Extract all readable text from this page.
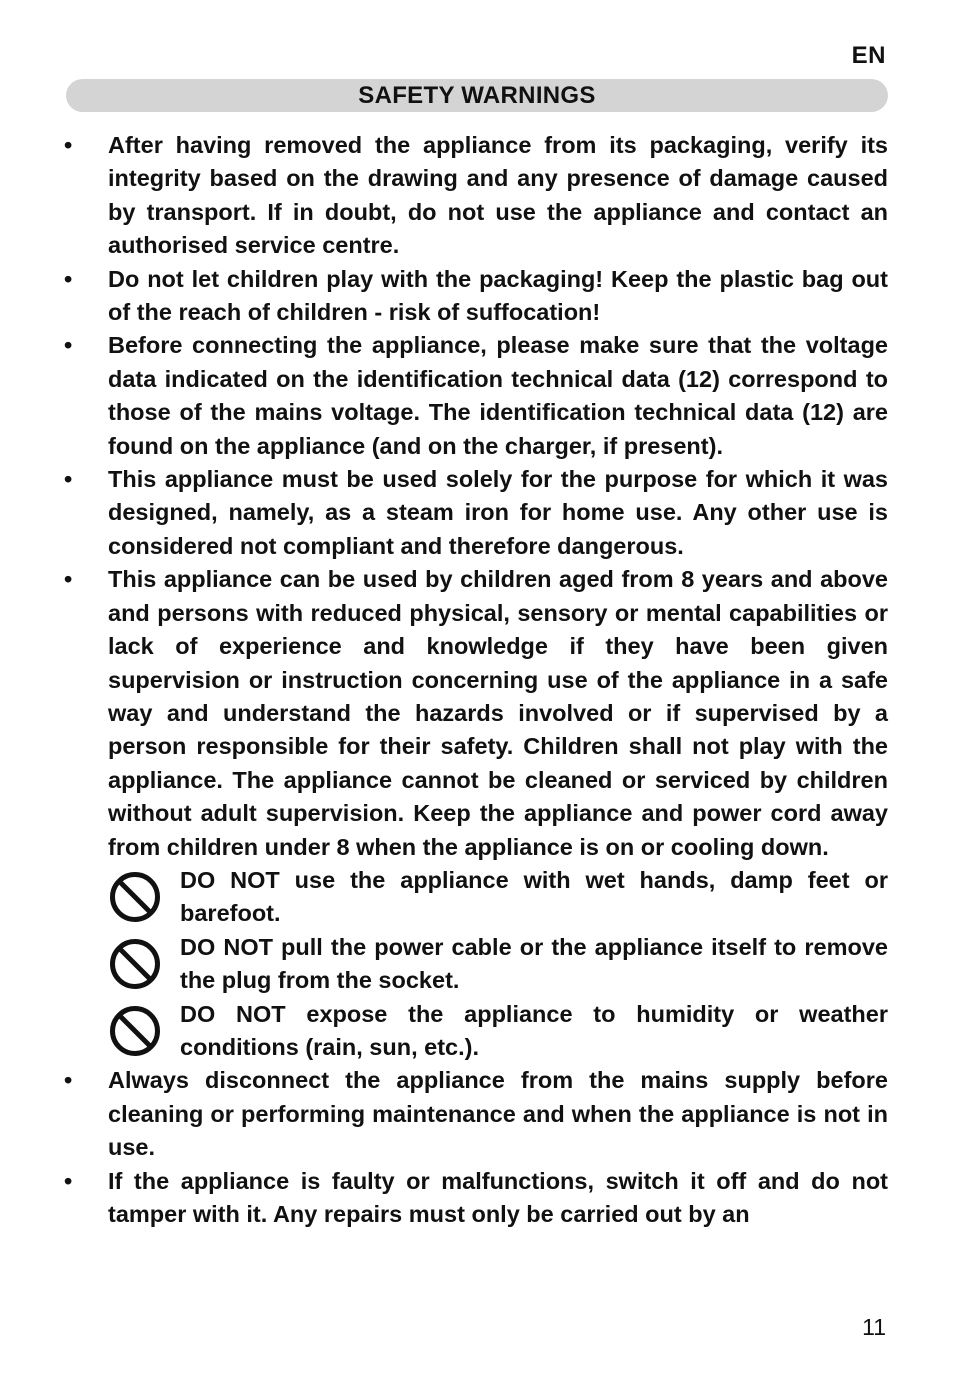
EN
SAFETY WARNINGS
•	After having removed the appliance from its packaging, verify its integrity based on the drawing and any presence of damage caused by transport. If in doubt, do not use the appliance and contact an authorised service centre.
•	Do not let children play with the packaging! Keep the plastic bag out of the reach of children - risk of suffocation!
•	Before connecting the appliance, please make sure that the voltage data indicated on the identification technical data (12) correspond to those of the mains voltage. The identification technical data (12) are found on the appliance (and on the charger, if present).
•	This appliance must be used solely for the purpose for which it was designed, namely, as a steam iron for home use. Any other use is considered not compliant and therefore dangerous.
•	This appliance can be used by children aged from 8 years and above and persons with reduced physical, sensory or mental capabilities or lack of experience and knowledge if they have been given supervision or instruction concerning use of the appliance in a safe way and understand the hazards involved or if supervised by a person responsible for their safety. Children shall not play with the appliance. The appliance cannot be cleaned or serviced by children without adult supervision. Keep the appliance and power cord away from children under 8 when the appliance is on or cooling down.
DO NOT use the appliance with wet hands, damp feet or barefoot.
DO NOT pull the power cable or the appliance itself to remove the plug from the socket.
DO NOT expose the appliance to humidity or weather conditions (rain, sun, etc.).
•	Always disconnect the appliance from the mains supply before cleaning or performing maintenance and when the appliance is not in use.
•	If the appliance is faulty or malfunctions, switch it off and do not tamper with it. Any repairs must only be carried out by an
11
